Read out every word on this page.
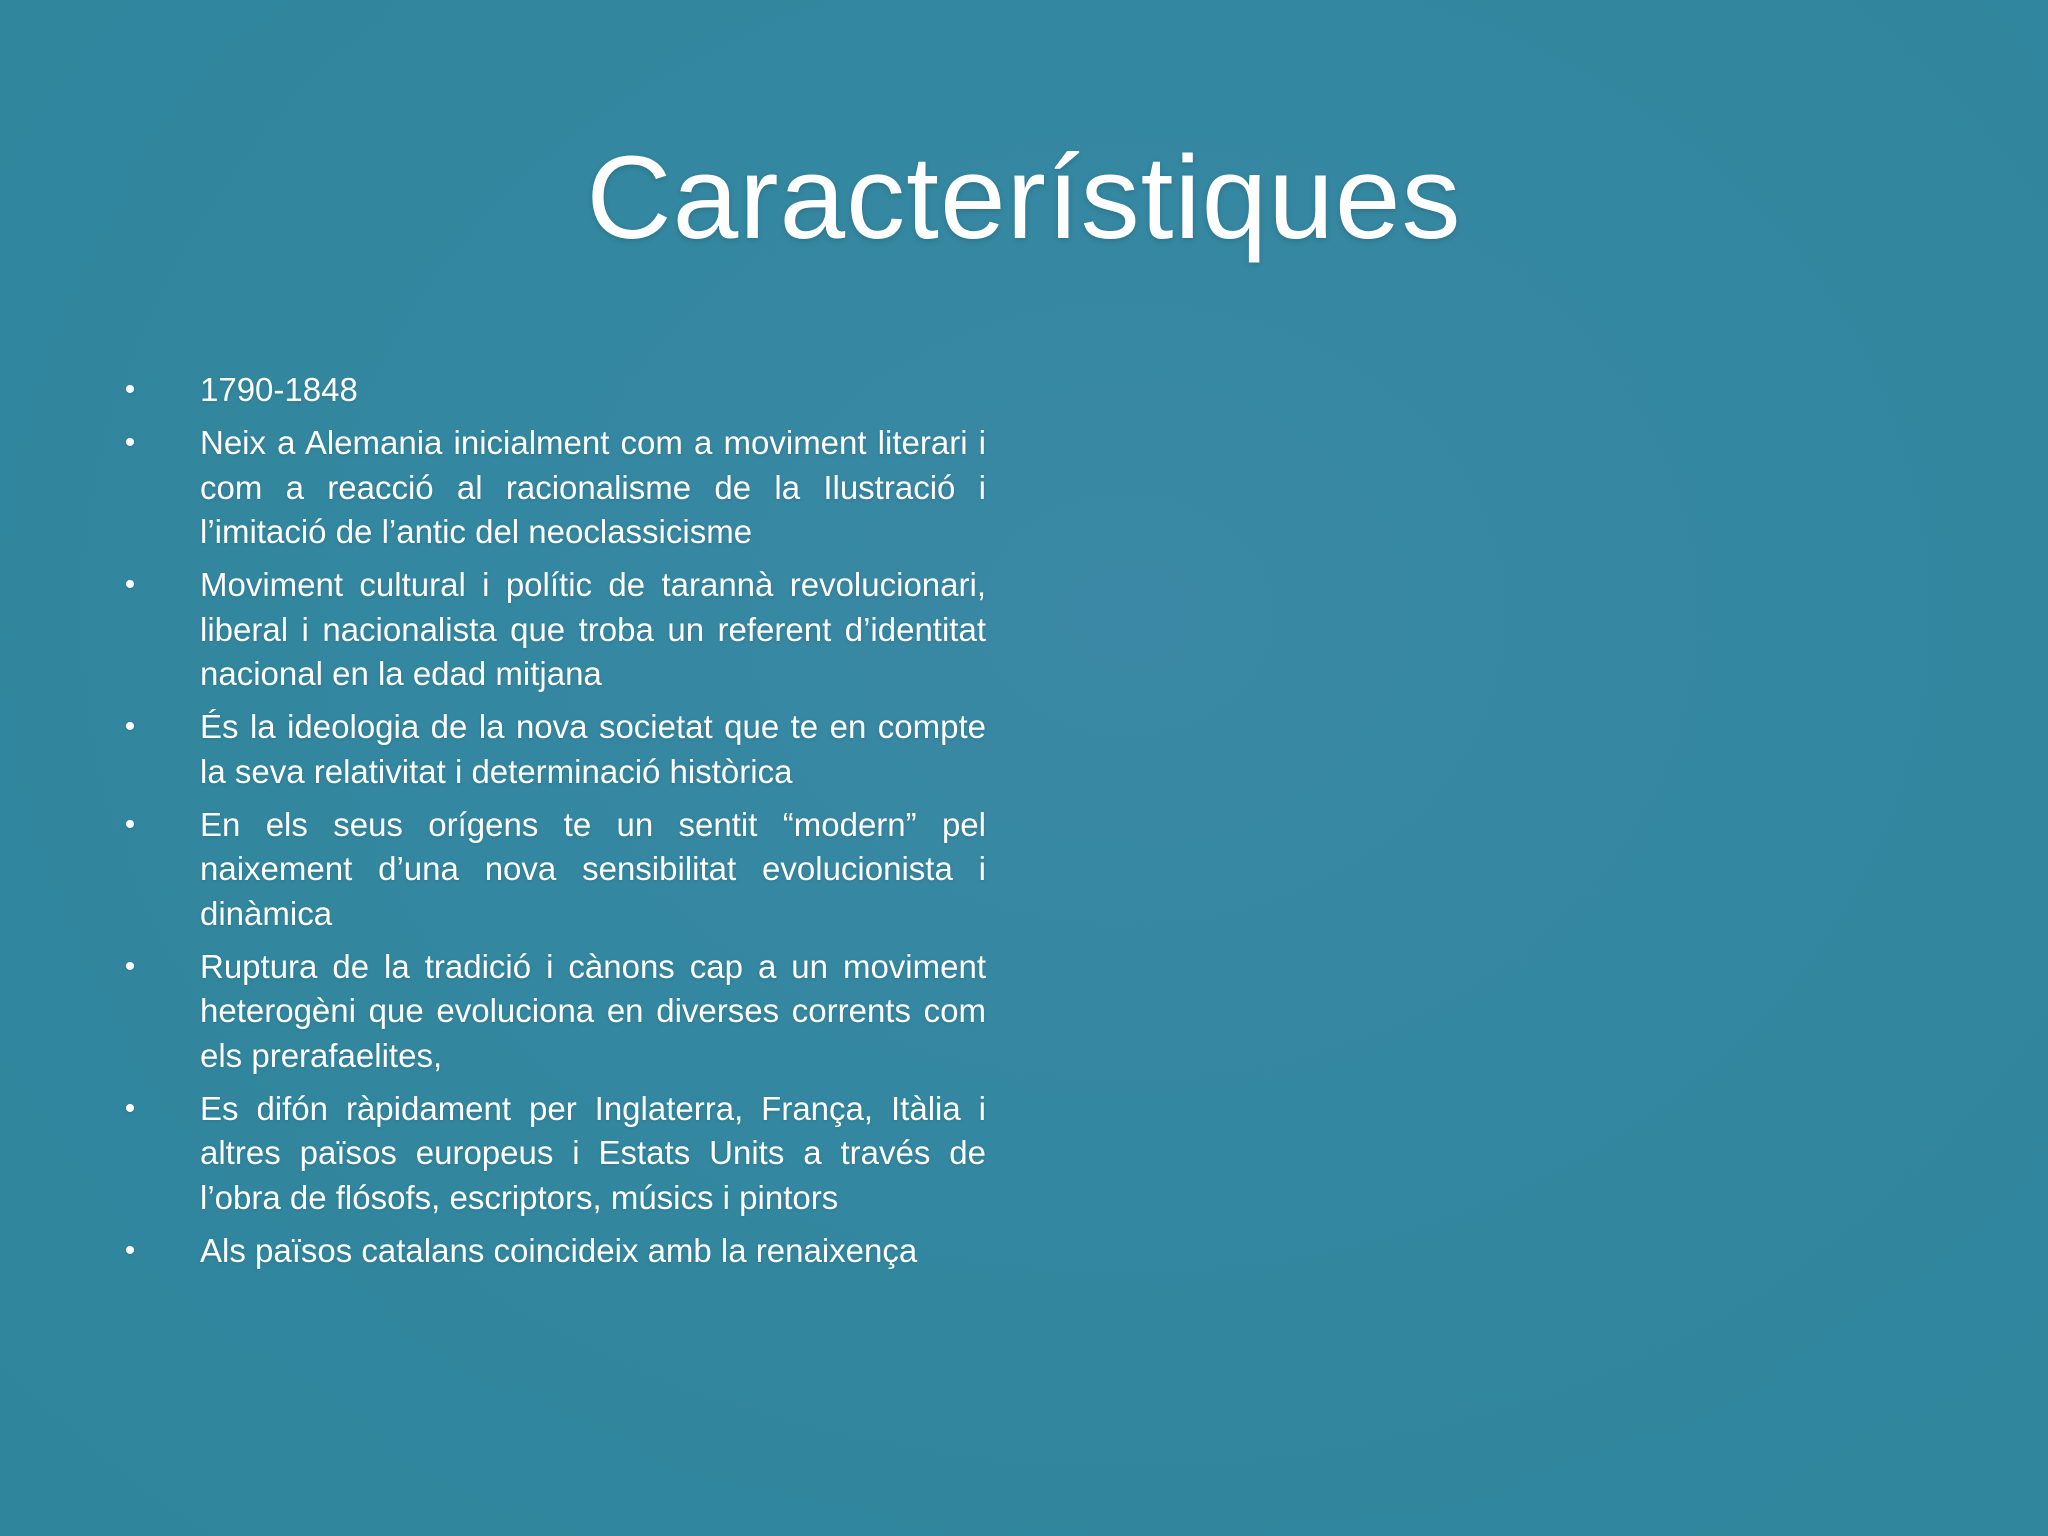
Característiques
• 1790-1848
• Neix a Alemania inicialment com a moviment literari i com a reacció al racionalisme de la Ilustració i l’imitació de l’antic del neoclassicisme
• Moviment cultural i polític de tarannà revolucionari, liberal i nacionalista que troba un referent d’identitat nacional en la edad mitjana
• És la ideologia de la nova societat que te en compte la seva relativitat i determinació històrica
• En els seus orígens te un sentit “modern” pel naixement d’una nova sensibilitat evolucionista i dinàmica
• Ruptura de la tradició i cànons cap a un moviment heterogèni que evoluciona en diverses corrents com els prerafaelites,
• Es difón ràpidament per Inglaterra, França, Itàlia i altres països europeus i Estats Units a través de l’obra de flósofs, escriptors, músics i pintors
• Als països catalans coincideix amb la renaixença
